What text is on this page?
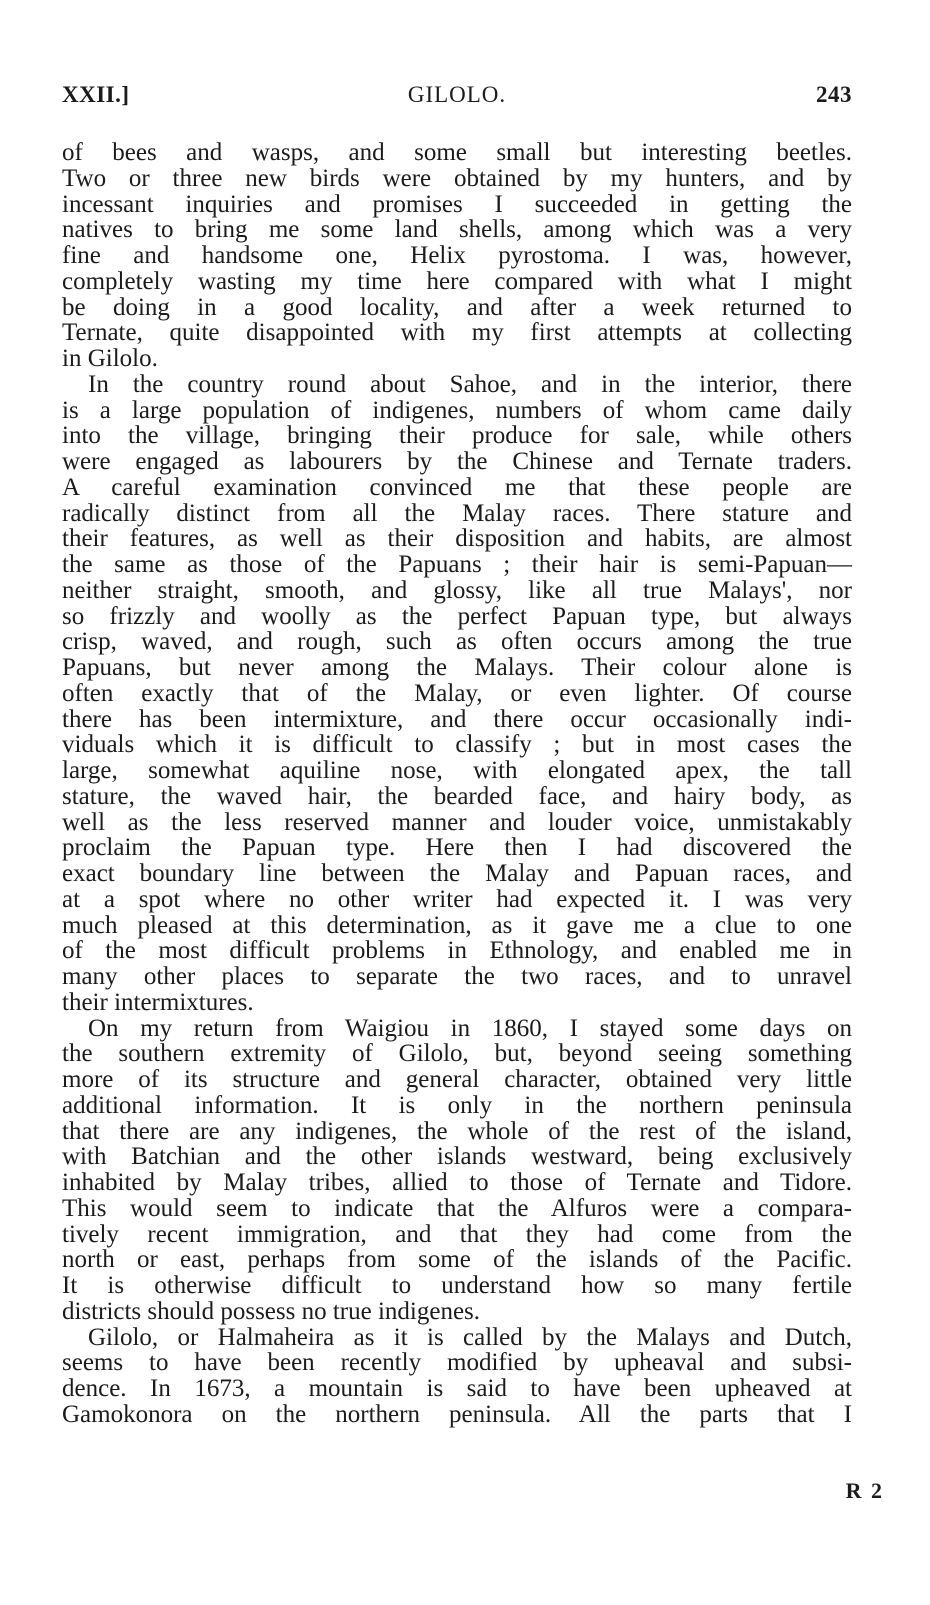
XXII.]	GILOLO.	243
of bees and wasps, and some small but interesting beetles.
Two or three new birds were obtained by my hunters, and by
incessant inquiries and promises I succeeded in getting the
natives to bring me some land shells, among which was a very
fine and handsome one, Helix pyrostoma. I was, however,
completely wasting my time here compared with what I might
be doing in a good locality, and after a week returned to
Ternate, quite disappointed with my first attempts at collecting
in Gilolo.
In the country round about Sahoe, and in the interior, there
is a large population of indigenes, numbers of whom came daily
into the village, bringing their produce for sale, while others
were engaged as labourers by the Chinese and Ternate traders.
A careful examination convinced me that these people are
radically distinct from all the Malay races. There stature and
their features, as well as their disposition and habits, are almost
the same as those of the Papuans ; their hair is semi-Papuan—
neither straight, smooth, and glossy, like all true Malays', nor
so frizzly and woolly as the perfect Papuan type, but always
crisp, waved, and rough, such as often occurs among the true
Papuans, but never among the Malays. Their colour alone is
often exactly that of the Malay, or even lighter. Of course
there has been intermixture, and there occur occasionally indi-
viduals which it is difficult to classify ; but in most cases the
large, somewhat aquiline nose, with elongated apex, the tall
stature, the waved hair, the bearded face, and hairy body, as
well as the less reserved manner and louder voice, unmistakably
proclaim the Papuan type. Here then I had discovered the
exact boundary line between the Malay and Papuan races, and
at a spot where no other writer had expected it. I was very
much pleased at this determination, as it gave me a clue to one
of the most difficult problems in Ethnology, and enabled me in
many other places to separate the two races, and to unravel
their intermixtures.
On my return from Waigiou in 1860, I stayed some days on
the southern extremity of Gilolo, but, beyond seeing something
more of its structure and general character, obtained very little
additional information. It is only in the northern peninsula
that there are any indigenes, the whole of the rest of the island,
with Batchian and the other islands westward, being exclusively
inhabited by Malay tribes, allied to those of Ternate and Tidore.
This would seem to indicate that the Alfuros were a compara-
tively recent immigration, and that they had come from the
north or east, perhaps from some of the islands of the Pacific.
It is otherwise difficult to understand how so many fertile
districts should possess no true indigenes.
Gilolo, or Halmaheira as it is called by the Malays and Dutch,
seems to have been recently modified by upheaval and subsi-
dence. In 1673, a mountain is said to have been upheaved at
Gamokonora on the northern peninsula. All the parts that I
R 2
